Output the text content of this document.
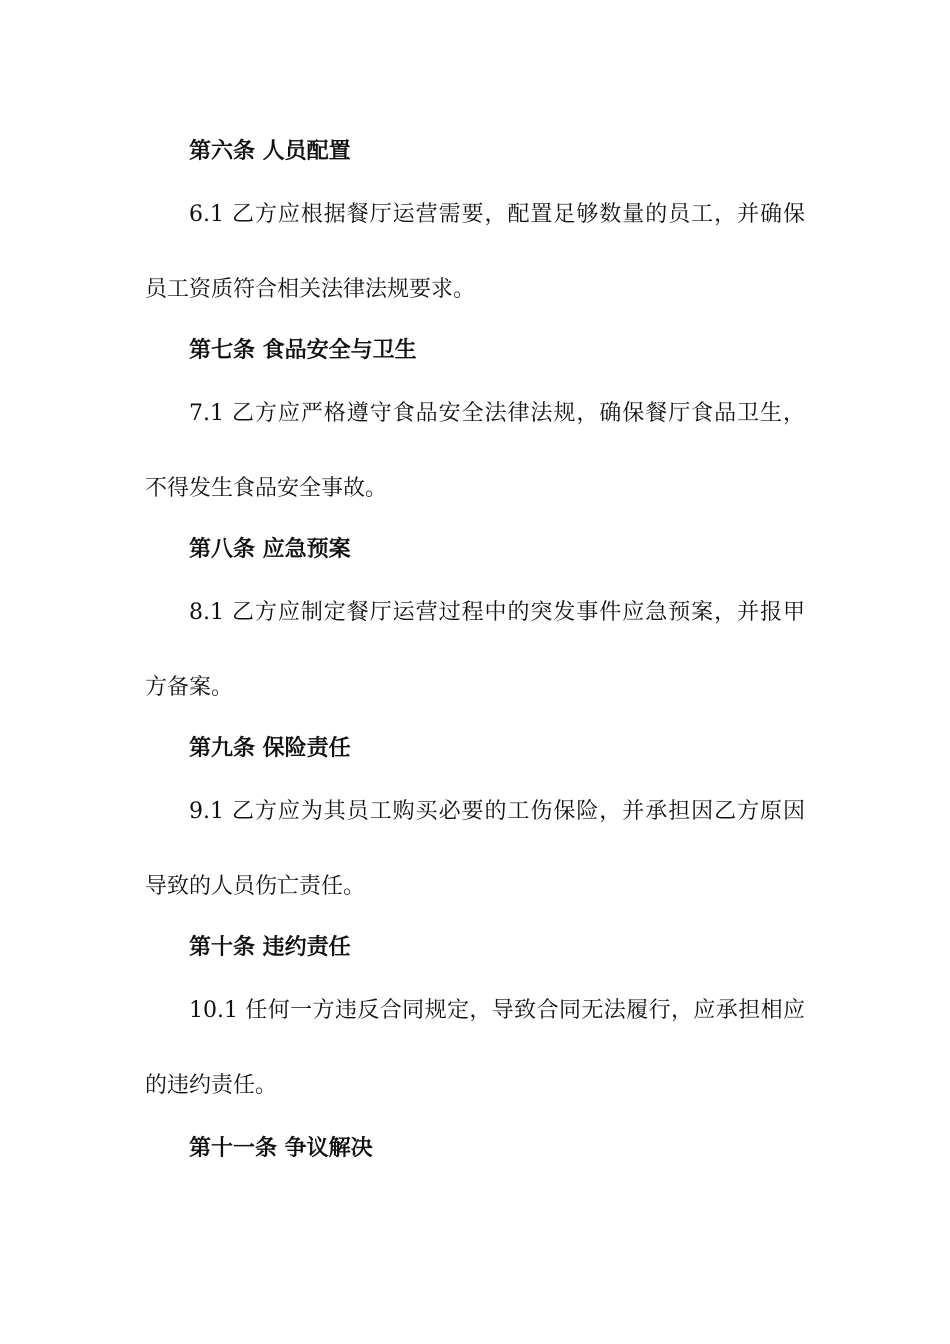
第六条 人员配置
6.1 乙方应根据餐厅运营需要，配置足够数量的员工，并确保
员工资质符合相关法律法规要求。
第七条 食品安全与卫生
7.1 乙方应严格遵守食品安全法律法规，确保餐厅食品卫生，
不得发生食品安全事故。
第八条 应急预案
8.1 乙方应制定餐厅运营过程中的突发事件应急预案，并报甲
方备案。
第九条 保险责任
9.1 乙方应为其员工购买必要的工伤保险，并承担因乙方原因
导致的人员伤亡责任。
第十条 违约责任
10.1 任何一方违反合同规定，导致合同无法履行，应承担相应
的违约责任。
第十一条 争议解决
